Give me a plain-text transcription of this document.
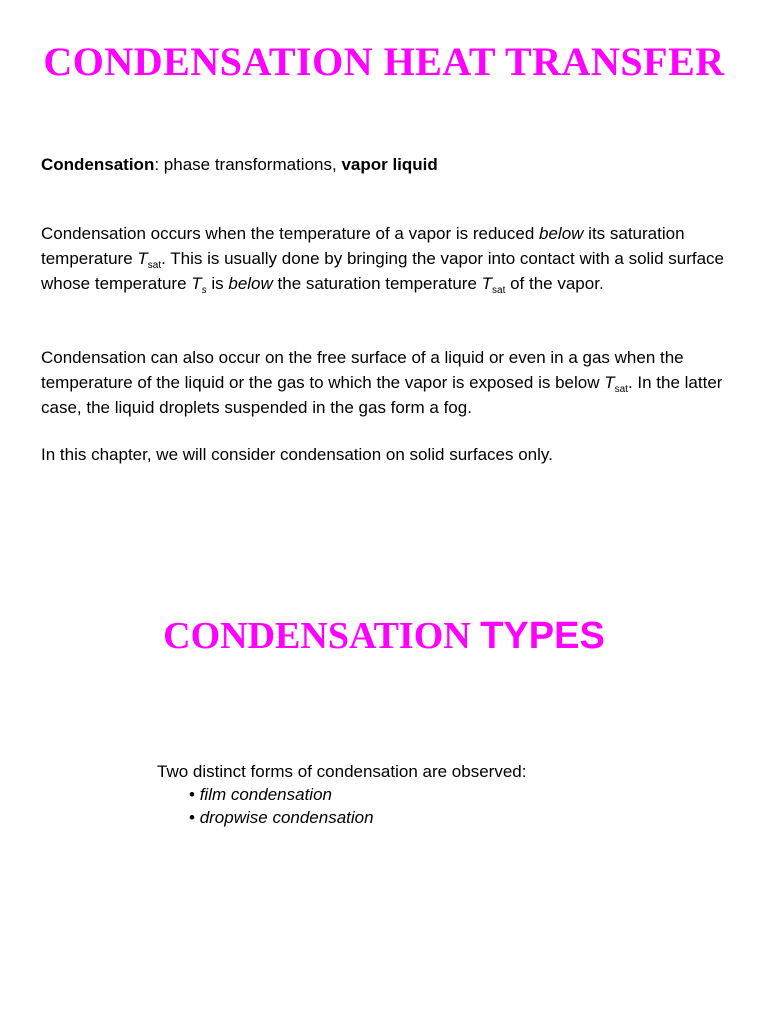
CONDENSATION HEAT TRANSFER

Condensation: phase transformations, vapor liquid

Condensation occurs when the temperature of a vapor is reduced below its saturation temperature $T_{sat}$. This is usually done by bringing the vapor into contact with a solid surface whose temperature $T_s$ is below the saturation temperature $T_{sat}$ of the vapor.

Condensation can also occur on the free surface of a liquid or even in a gas when the temperature of the liquid or the gas to which the vapor is exposed is below $T_{sat}$. In the latter case, the liquid droplets suspended in the gas form a fog.

In this chapter, we will consider condensation on solid surfaces only.

CONDENSATION TYPES
Two distinct forms of condensation are observed:
• film condensation
• dropwise condensation
